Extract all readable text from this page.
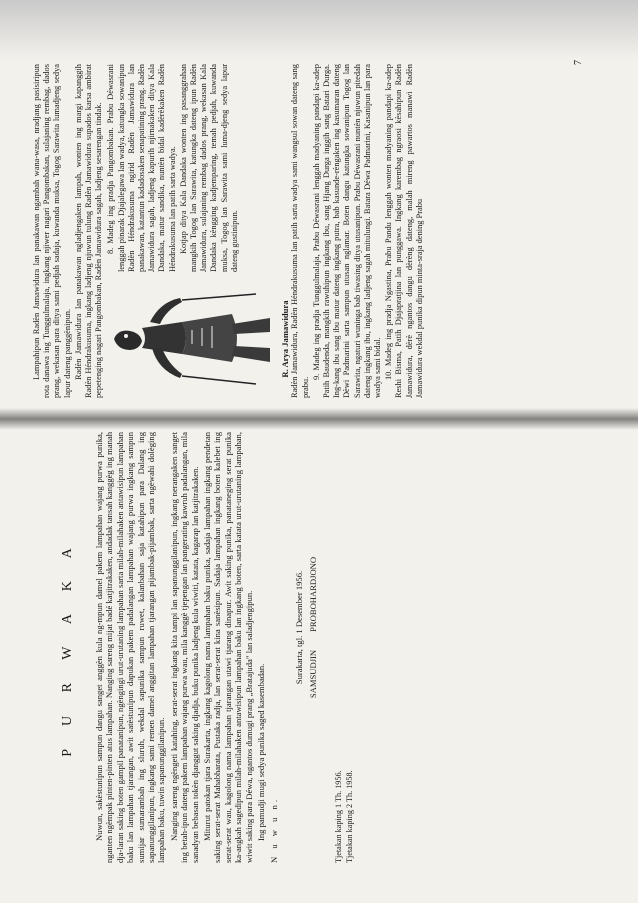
P U R W A K A Nuwun, sakèstunipun sampun dangu sanget anggèn kula ng-mpun damel pakem lampahan wajang purwa punika, nganten ngèmpak pinten-pinten atus lampahan. Nanging sareng mijat badé katjitrakaken, andadak tansah kanggèg ing manah dja-laran saking boten gampil panatanipun, ngèngingi urut-urutaning lampahan sarta milah-milahaken antawisipun lampahan baku lan lampahan tjarangan, awit satèstunipun dapukan pakem padalangan lampahan wajang purwa ingkang sampun sumijar sumarambah ing sluruh, wekdal sapunika sampun ruwet, kalanbahan saja katahipun para Dalang ing sapanunggilanipun, ingkang sami remen damel anggitan lampahan tjarangan pijambak-pijambak, sarta ngèwahi dolèging lampahan baku, tuwin sapanunggilanipun. Nanging sareng ngèngeti katahing, serat-serat ingkang kita tampi lan sapanunggilanipun, ingkang nerangaken sanget ing betah-ipun dateng pakem lampahan wajang purwa wau, mila kanggè tjepengan lan pangerating kawruh padalangan, mila sanadyan bebasan tokèn djanggut saking djadja, buku punika ladjeng kula wiwiti, katata, kagarap lan katjitrakaken. Miturut patokan tjara Surakarta, ingkang kagolong nama lampahan baku punika, sadaja lampahan ingkang pendetan saking serat-serat Mahabharata, Pustaka radja, lan serat-serat kina sanèsipun. Sadaja lampahan ingkang boten kalebet ing serat-serat wau, kagolong nama lampahan tjarangan utawi tjarang dinapur. Awit saking punika, panataneging serat punika ka-angkah sagedipun milah-milahaken antawisipun lampahan baku lan ingkang boten, sarta katata urut-urutaning lampahan, wiwit saking para Déwa, ngantos dumugi prang „Bratajuda” lan saladjengipun. Ing pamudji mugi sedya punika saged kasembadan. N u w u n.

Surakarta, tgl. 1 Desember 1956. SAMSUDJIN
PROBOHARDJONO
Tjetakan kaping 1 Th. 1956. Tjetakan kaping 2 Th. 1958.

Lampahipun Radèn Jamawidura lan panakawan ngambah wana-wasa, nradjang pasisiripun rota danawa ing Tunggulmalaja, ingkang njiwer nagari Pangombakan, sulajaning rembag, dados prang, wekasan para ditya sami pedjah sadaja, kuwanda muksa, Togog Sarawita lumadjeng sedya lapur dateng panggènipun. Radèn Jamawidura lan panakawan ngladjengaken lampah, wonten ing margi kapanggih Radèn Héndrakusuma, ingkang ladjeng njuwun tulung Radèn Jamawidura supados karsa ambirat pepetenging nagari Pangombakan, Radèn Jamawidura sagah, ladjeng sesarengan tindak.	R. Arya Jamawidura

8. Madeg ing pradja Pangombakan. Prabu Déwasrani lenggah pinarak Djajalegawa lan wadya, katungka sowanipun Radèn Héndrakusuma ngirid Radèn Jamawidura lan panakawan, katantun kadadosaken senapatining prang. Radèn Jamawidura sagah, ladjeng kapurih njirnakaken ditya Kala Dandaka, matur sandika, nuntèn bidal kadèrèkaken Radèn Héndrakusuma lan patih sarta wadya. Kotjap ditya Kala Dandaka wonten ing pasanggrahan mangkih Togog lan Sarawita, katungka dateng ipun Radèn Jamawidura, sulajaning rembag dados prang, wekasan Kala Dandaka kèngging kadjemparing, temah pedjah, kuwanda muksa, Togog lan Sarawita sami luma-djeng sedya lapur dateng gustinipun.	Radèn Jamawidura, Radèn Héndrakusuma lan patih sarta wadya sami wangsul sowan dateng sang prabu.

9. Madeg ing pradja Tunggulmalaja, Prabu Déwasrani lenggah madyaning pandapi ka-adep Patih Baudenda, mangkih rawuhipun ingkang ibu, sang Hjang Durga inggih sang Batari Durga. Ing-kang ibu sang ibu matur dateng ingkang putra, bab kasunde-rèngaken ing kasumaran dateng Dèwi Padmarini sarta sampun utusan nglamar. Boten dangu katungka sowanipun Togog lan Sarawita, ngaturi wuninga bab tiwasing ditya utusanipun. Prabu Déwasrani nuntèn njuwun pitedah dateng ingkang ibu, ingkang ladjeng sagah mitulungi. Batara Déwa Padmarini, Kasanipun lan para wadya sami bidal. 10. Madeg ing pradja Ngastina, Prabu Pandu lenggah wonten madyaning pandapi ka-adep Reshi Bisma, Patih Djajapratjina lan punggawa. Ingkang karembag ngraosi kèsahipun Radèn Jamawidura, dèrè ngantos dangu dèrèng dateng, malah mireng pawartos manawi Radèn Jamawidura wekdal punika dipun minta-sraja dening Prabu

7
